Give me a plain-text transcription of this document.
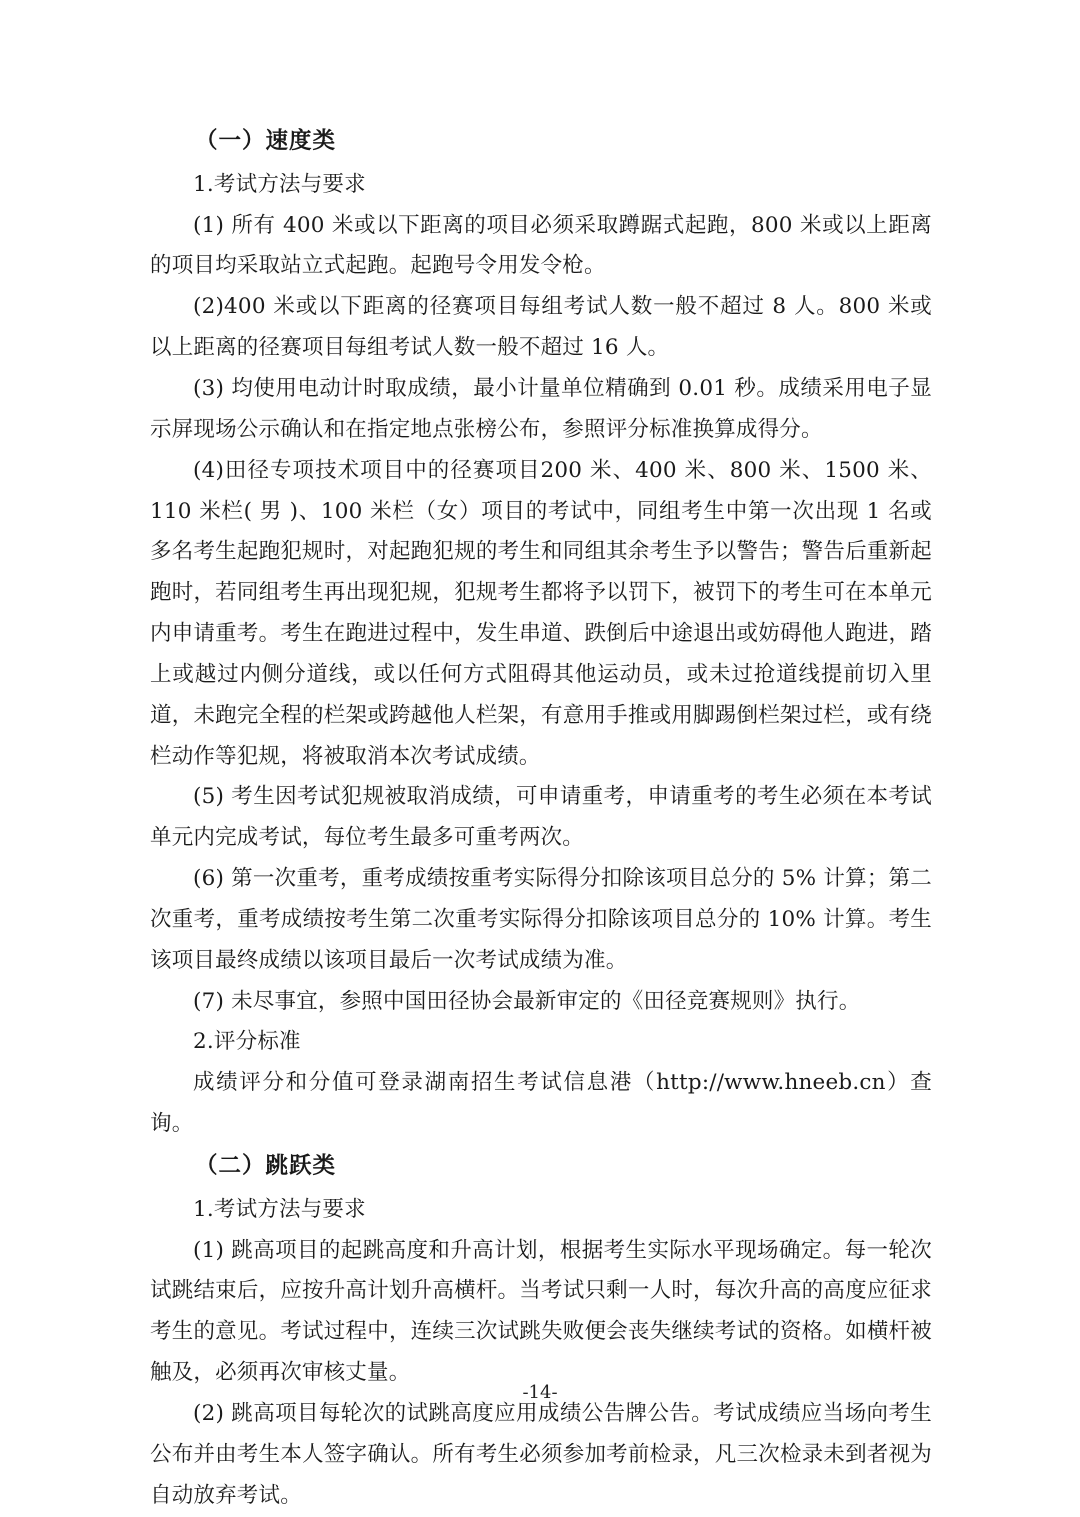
（一）速度类

1.考试方法与要求

(1) 所有 400 米或以下距离的项目必须采取蹲踞式起跑，800 米或以上距离的项目均采取站立式起跑。起跑号令用发令枪。

(2)400 米或以下距离的径赛项目每组考试人数一般不超过 8 人。800 米或以上距离的径赛项目每组考试人数一般不超过 16 人。

(3) 均使用电动计时取成绩，最小计量单位精确到 0.01 秒。成绩采用电子显示屏现场公示确认和在指定地点张榜公布，参照评分标准换算成得分。

(4)田径专项技术项目中的径赛项目200 米、400 米、800 米、1500 米、110 米栏( 男 )、100 米栏（女）项目的考试中，同组考生中第一次出现 1 名或多名考生起跑犯规时，对起跑犯规的考生和同组其余考生予以警告；警告后重新起跑时，若同组考生再出现犯规，犯规考生都将予以罚下，被罚下的考生可在本单元内申请重考。考生在跑进过程中，发生串道、跌倒后中途退出或妨碍他人跑进，踏上或越过内侧分道线，或以任何方式阻碍其他运动员，或未过抢道线提前切入里道，未跑完全程的栏架或跨越他人栏架，有意用手推或用脚踢倒栏架过栏，或有绕栏动作等犯规，将被取消本次考试成绩。

(5) 考生因考试犯规被取消成绩，可申请重考，申请重考的考生必须在本考试单元内完成考试，每位考生最多可重考两次。

(6) 第一次重考，重考成绩按重考实际得分扣除该项目总分的 5% 计算；第二次重考，重考成绩按考生第二次重考实际得分扣除该项目总分的 10% 计算。考生该项目最终成绩以该项目最后一次考试成绩为准。

(7) 未尽事宜，参照中国田径协会最新审定的《田径竞赛规则》执行。

2.评分标准

成绩评分和分值可登录湖南招生考试信息港（http://www.hneeb.cn）查询。

（二）跳跃类

1.考试方法与要求

(1) 跳高项目的起跳高度和升高计划，根据考生实际水平现场确定。每一轮次试跳结束后，应按升高计划升高横杆。当考试只剩一人时，每次升高的高度应征求考生的意见。考试过程中，连续三次试跳失败便会丧失继续考试的资格。如横杆被触及，必须再次审核丈量。

(2) 跳高项目每轮次的试跳高度应用成绩公告牌公告。考试成绩应当场向考生公布并由考生本人签字确认。所有考生必须参加考前检录，凡三次检录未到者视为自动放弃考试。

-14-
